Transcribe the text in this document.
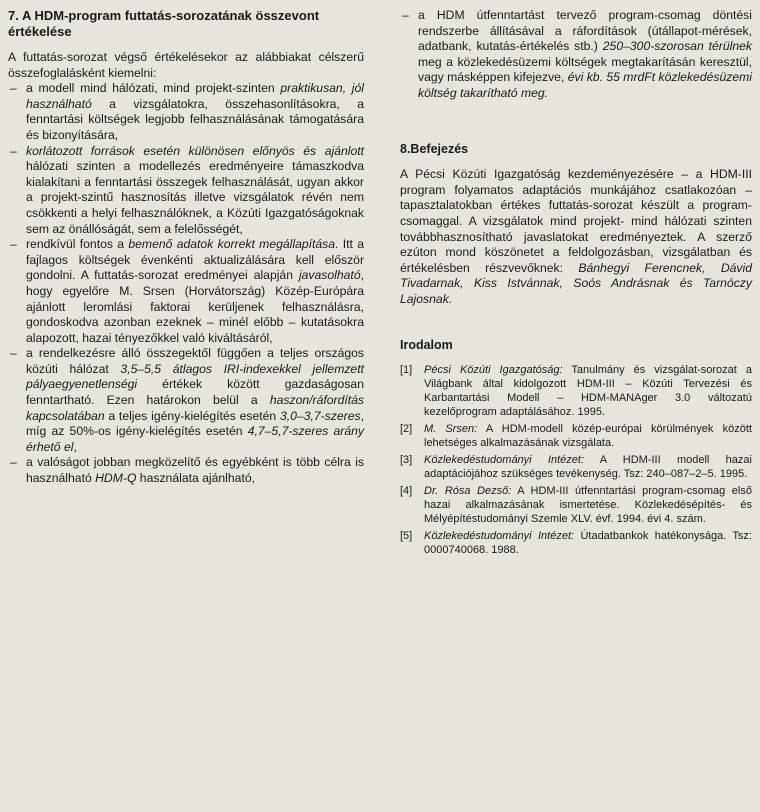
7. A HDM-program futtatás-sorozatának összevont értékelése

A futtatás-sorozat végső értékelésekor az alábbiakat célszerű összefoglalásként kiemelni:

– a modell mind hálózati, mind projekt-szinten praktikusan, jól használható a vizsgálatokra, összehasonlításokra, a fenntartási költségek legjobb felhasználásának támogatására és bizonyítására,
– korlátozott források esetén különösen előnyös és ajánlott hálózati szinten a modellezés eredményeire támaszkodva kialakítani a fenntartási összegek felhasználását, ugyan akkor a projekt-szintű hasznosítás illetve vizsgálatok révén nem csökkenti a helyi felhasználóknek, a Közúti Igazgatóságoknak sem az önállóságát, sem a felelősségét,
– rendkívül fontos a bemenő adatok korrekt megállapítása. Itt a fajlagos költségek évenkénti aktualizálására kell először gondolni. A futtatás-sorozat eredményei alapján javasolható, hogy egyelőre M. Srsen (Horvátország) Közép-Európára ajánlott leromlási faktorai kerüljenek felhasználásra, gondoskodva azonban ezeknek – minél előbb – kutatásokra alapozott, hazai tényezőkkel való kiváltásáról,
– a rendelkezésre álló összegektől függően a teljes országos közúti hálózat 3,5–5,5 átlagos IRI-indexekkel jellemzett pályaegyenetlenségi értékek között gazdaságosan fenntartható. Ezen határokon belül a haszon/ráfordítás kapcsolatában a teljes igény-kielégítés esetén 3,0–3,7-szeres, míg az 50%-os igény-kielégítés esetén 4,7–5,7-szeres arány érhető el,
– a valóságot jobban megközelítő és egyébként is több célra is használható HDM-Q használata ajánlható,
– a HDM útfenntartást tervező program-csomag döntési rendszerbe állításával a ráfordítások (útállapot-mérések, adatbank, kutatás-értékelés stb.) 250–300-szorosan térülnek meg a közlekedésüzemi költségek megtakarításán keresztül, vagy másképpen kifejezve, évi kb. 55 mrdFt közlekedésüzemi költség takarítható meg.
8.Befejezés

A Pécsi Közúti Igazgatóság kezdeményezésére – a HDM-III program folyamatos adaptációs munkájához csatlakozóan – tapasztalatokban értékes futtatás-sorozat készült a program-csomaggal. A vizsgálatok mind projekt- mind hálózati szinten továbbhasznosítható javaslatokat eredményeztek. A szerző ezúton mond köszönetet a feldolgozásban, vizsgálatban és értékelésben részvevőknek: Bánhegyi Ferencnek, Dávid Tivadarnak, Kiss Istvánnak, Soós Andrásnak és Tarnóczy Lajosnak.

Irodalom
[1] Pécsi Közúti Igazgatóság: Tanulmány és vizsgálat-sorozat a Világbank által kidolgozott HDM-III – Közúti Tervezési és Karbantartási Modell – HDM-MANAger 3.0 változatú kezelőprogram adaptálásához. 1995.
[2] M. Srsen: A HDM-modell közép-európai körülmények között lehetséges alkalmazásának vizsgálata.
[3] Közlekedéstudományi Intézet: A HDM-III modell hazai adaptációjához szükséges tevékenység. Tsz: 240–087–2–5. 1995.
[4] Dr. Rósa Dezső: A HDM-III útfenntartási program-csomag első hazai alkalmazásának ismertetése. Közlekedésépítés- és Mélyépítéstudományi Szemle XLV. évf. 1994. évi 4. szám.
[5] Közlekedéstudományi Intézet: Útadatbankok hatékonysága. Tsz: 0000740068. 1988.
